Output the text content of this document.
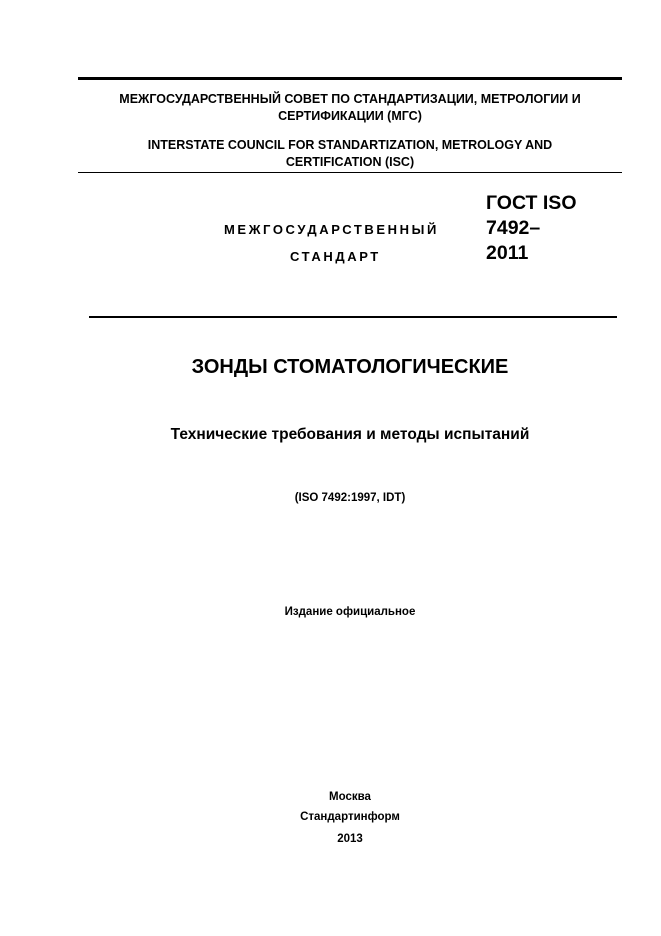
МЕЖГОСУДАРСТВЕННЫЙ СОВЕТ ПО СТАНДАРТИЗАЦИИ, МЕТРОЛОГИИ И
СЕРТИФИКАЦИИ (МГС)
INTERSTATE COUNCIL FOR STANDARTIZATION, METROLOGY AND
CERTIFICATION (ISC)
МЕЖГОСУДАРСТВЕННЫЙ
СТАНДАРТ
ГОСТ ISO
7492–
2011
ЗОНДЫ СТОМАТОЛОГИЧЕСКИЕ
Технические требования и методы испытаний
(ISO 7492:1997, IDT)
Издание официальное
Москва
Стандартинформ
2013
